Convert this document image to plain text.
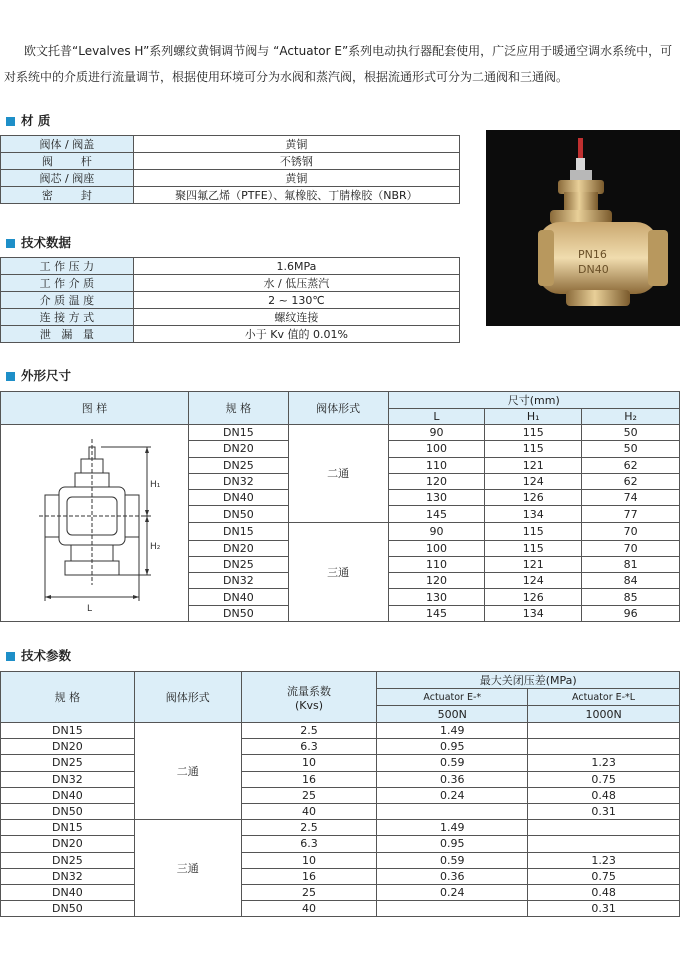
欧文托普“Levalves H”系列螺纹黄铜调节阀与 “Actuator E”系列电动执行器配套使用，广泛应用于暖通空调水系统中，可对系统中的介质进行流量调节，根据使用环境可分为水阀和蒸汽阀，根据流通形式可分为二通阀和三通阀。

材 质
阀体 / 阀盖	黄铜
阀        杆	不锈钢
阀芯 / 阀座	黄铜
密        封	聚四氟乙烯（PTFE）、氟橡胶、丁腈橡胶（NBR）
PN16
DN40
技术数据
工 作 压 力	1.6MPa
工 作 介 质	水 / 低压蒸汽
介 质 温 度	2 ~ 130℃
连 接 方 式	螺纹连接
泄   漏   量	小于 Kv 值的 0.01%
外形尺寸
图 样	规 格	阀体形式	尺寸(mm)		
			L	H₁	H₂

H₁
H₂
L	DN15	二通	90	115	50
	DN20		100	115	50
	DN25		110	121	62
	DN32		120	124	62
	DN40		130	126	74
	DN50		145	134	77
	DN15	三通	90	115	70
	DN20		100	115	70
	DN25		110	121	81
	DN32		120	124	84
	DN40		130	126	85
	DN50		145	134	96
技术参数
规 格	阀体形式	流量系数
(Kvs)	最大关闭压差(MPa)	
			Actuator E-*	Actuator E-*L
			500N	1000N
DN15	二通	2.5	1.49	
DN20		6.3	0.95	
DN25		10	0.59	1.23
DN32		16	0.36	0.75
DN40		25	0.24	0.48
DN50		40		0.31
DN15	三通	2.5	1.49	
DN20		6.3	0.95	
DN25		10	0.59	1.23
DN32		16	0.36	0.75
DN40		25	0.24	0.48
DN50		40		0.31
